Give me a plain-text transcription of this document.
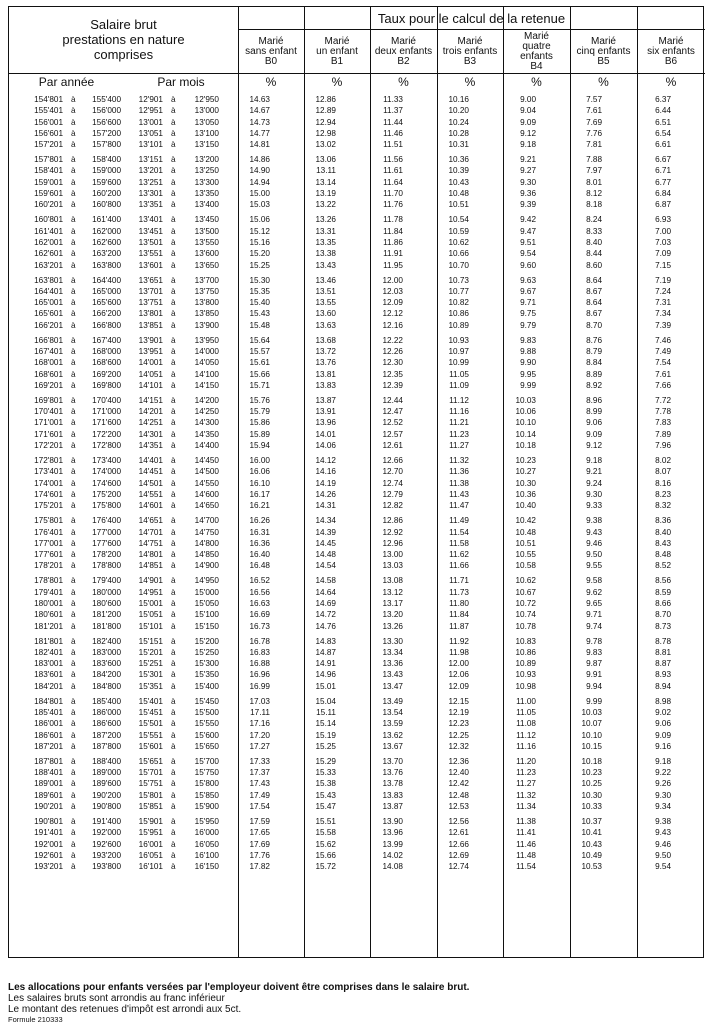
Salaire brut
prestations en nature
comprises
Taux pour le calcul de la retenue
Marié
sans enfant
B0
Marié
un enfant
B1
Marié
deux enfants
B2
Marié
trois enfants
B3
Marié
quatre
enfants
B4
Marié
cinq enfants
B5
Marié
six enfants
B6
Par année	Par mois	%	%	%	%	%	%	%
154'801 à	155'400	12'901 à	12'950	14.63	12.86	11.33	10.16	9.00	7.57	6.37
155'401 à	156'000	12'951 à	13'000	14.67	12.89	11.37	10.20	9.04	7.61	6.44
156'001 à	156'600	13'001 à	13'050	14.73	12.94	11.44	10.24	9.09	7.69	6.51
156'601 à	157'200	13'051 à	13'100	14.77	12.98	11.46	10.28	9.12	7.76	6.54
157'201 à	157'800	13'101 à	13'150	14.81	13.02	11.51	10.31	9.18	7.81	6.61
157'801 à	158'400	13'151 à	13'200	14.86	13.06	11.56	10.36	9.21	7.88	6.67
158'401 à	159'000	13'201 à	13'250	14.90	13.11	11.61	10.39	9.27	7.97	6.71
159'001 à	159'600	13'251 à	13'300	14.94	13.14	11.64	10.43	9.30	8.01	6.77
159'601 à	160'200	13'301 à	13'350	15.00	13.19	11.70	10.48	9.36	8.12	6.84
160'201 à	160'800	13'351 à	13'400	15.03	13.22	11.76	10.51	9.39	8.18	6.87
160'801 à	161'400	13'401 à	13'450	15.06	13.26	11.78	10.54	9.42	8.24	6.93
161'401 à	162'000	13'451 à	13'500	15.12	13.31	11.84	10.59	9.47	8.33	7.00
162'001 à	162'600	13'501 à	13'550	15.16	13.35	11.86	10.62	9.51	8.40	7.03
162'601 à	163'200	13'551 à	13'600	15.20	13.38	11.91	10.66	9.54	8.44	7.09
163'201 à	163'800	13'601 à	13'650	15.25	13.43	11.95	10.70	9.60	8.60	7.15
163'801 à	164'400	13'651 à	13'700	15.30	13.46	12.00	10.73	9.63	8.64	7.19
164'401 à	165'000	13'701 à	13'750	15.35	13.51	12.03	10.77	9.67	8.67	7.24
165'001 à	165'600	13'751 à	13'800	15.40	13.55	12.09	10.82	9.71	8.64	7.31
165'601 à	166'200	13'801 à	13'850	15.43	13.60	12.12	10.86	9.75	8.67	7.34
166'201 à	166'800	13'851 à	13'900	15.48	13.63	12.16	10.89	9.79	8.70	7.39
166'801 à	167'400	13'901 à	13'950	15.64	13.68	12.22	10.93	9.83	8.76	7.46
167'401 à	168'000	13'951 à	14'000	15.57	13.72	12.26	10.97	9.88	8.79	7.49
168'001 à	168'600	14'001 à	14'050	15.61	13.76	12.30	10.99	9.90	8.84	7.54
168'601 à	169'200	14'051 à	14'100	15.66	13.81	12.35	11.05	9.95	8.89	7.61
169'201 à	169'800	14'101 à	14'150	15.71	13.83	12.39	11.09	9.99	8.92	7.66
169'801 à	170'400	14'151 à	14'200	15.76	13.87	12.44	11.12	10.03	8.96	7.72
170'401 à	171'000	14'201 à	14'250	15.79	13.91	12.47	11.16	10.06	8.99	7.78
171'001 à	171'600	14'251 à	14'300	15.86	13.96	12.52	11.21	10.10	9.06	7.83
171'601 à	172'200	14'301 à	14'350	15.89	14.01	12.57	11.23	10.14	9.09	7.89
172'201 à	172'800	14'351 à	14'400	15.94	14.06	12.61	11.27	10.18	9.12	7.96
172'801 à	173'400	14'401 à	14'450	16.00	14.12	12.66	11.32	10.23	9.18	8.02
173'401 à	174'000	14'451 à	14'500	16.06	14.16	12.70	11.36	10.27	9.21	8.07
174'001 à	174'600	14'501 à	14'550	16.10	14.19	12.74	11.38	10.30	9.24	8.16
174'601 à	175'200	14'551 à	14'600	16.17	14.26	12.79	11.43	10.36	9.30	8.23
175'201 à	175'800	14'601 à	14'650	16.21	14.31	12.82	11.47	10.40	9.33	8.32
175'801 à	176'400	14'651 à	14'700	16.26	14.34	12.86	11.49	10.42	9.38	8.36
176'401 à	177'000	14'701 à	14'750	16.31	14.39	12.92	11.54	10.48	9.43	8.40
177'001 à	177'600	14'751 à	14'800	16.36	14.45	12.96	11.58	10.51	9.46	8.43
177'601 à	178'200	14'801 à	14'850	16.40	14.48	13.00	11.62	10.55	9.50	8.48
178'201 à	178'800	14'851 à	14'900	16.48	14.54	13.03	11.66	10.58	9.55	8.52
178'801 à	179'400	14'901 à	14'950	16.52	14.58	13.08	11.71	10.62	9.58	8.56
179'401 à	180'000	14'951 à	15'000	16.56	14.64	13.12	11.73	10.67	9.62	8.59
180'001 à	180'600	15'001 à	15'050	16.63	14.69	13.17	11.80	10.72	9.65	8.66
180'601 à	181'200	15'051 à	15'100	16.69	14.72	13.20	11.84	10.74	9.71	8.70
181'201 à	181'800	15'101 à	15'150	16.73	14.76	13.26	11.87	10.78	9.74	8.73
181'801 à	182'400	15'151 à	15'200	16.78	14.83	13.30	11.92	10.83	9.78	8.78
182'401 à	183'000	15'201 à	15'250	16.83	14.87	13.34	11.98	10.86	9.83	8.81
183'001 à	183'600	15'251 à	15'300	16.88	14.91	13.36	12.00	10.89	9.87	8.87
183'601 à	184'200	15'301 à	15'350	16.96	14.96	13.43	12.06	10.93	9.91	8.93
184'201 à	184'800	15'351 à	15'400	16.99	15.01	13.47	12.09	10.98	9.94	8.94
184'801 à	185'400	15'401 à	15'450	17.03	15.04	13.49	12.15	11.00	9.99	8.98
185'401 à	186'000	15'451 à	15'500	17.11	15.11	13.54	12.19	11.05	10.03	9.02
186'001 à	186'600	15'501 à	15'550	17.16	15.14	13.59	12.23	11.08	10.07	9.06
186'601 à	187'200	15'551 à	15'600	17.20	15.19	13.62	12.25	11.12	10.10	9.09
187'201 à	187'800	15'601 à	15'650	17.27	15.25	13.67	12.32	11.16	10.15	9.16
187'801 à	188'400	15'651 à	15'700	17.33	15.29	13.70	12.36	11.20	10.18	9.18
188'401 à	189'000	15'701 à	15'750	17.37	15.33	13.76	12.40	11.23	10.23	9.22
189'001 à	189'600	15'751 à	15'800	17.43	15.38	13.78	12.42	11.27	10.25	9.26
189'601 à	190'200	15'801 à	15'850	17.49	15.43	13.83	12.48	11.32	10.30	9.30
190'201 à	190'800	15'851 à	15'900	17.54	15.47	13.87	12.53	11.34	10.33	9.34
190'801 à	191'400	15'901 à	15'950	17.59	15.51	13.90	12.56	11.38	10.37	9.38
191'401 à	192'000	15'951 à	16'000	17.65	15.58	13.96	12.61	11.41	10.41	9.43
192'001 à	192'600	16'001 à	16'050	17.69	15.62	13.99	12.66	11.46	10.43	9.46
192'601 à	193'200	16'051 à	16'100	17.76	15.66	14.02	12.69	11.48	10.49	9.50
193'201 à	193'800	16'101 à	16'150	17.82	15.72	14.08	12.74	11.54	10.53	9.54
Les allocations pour enfants versées par l'employeur doivent être comprises dans le salaire brut.
Les salaires bruts sont arrondis au franc inférieur
Le montant des retenues d'impôt est arrondi aux 5ct.
Formule 210333
